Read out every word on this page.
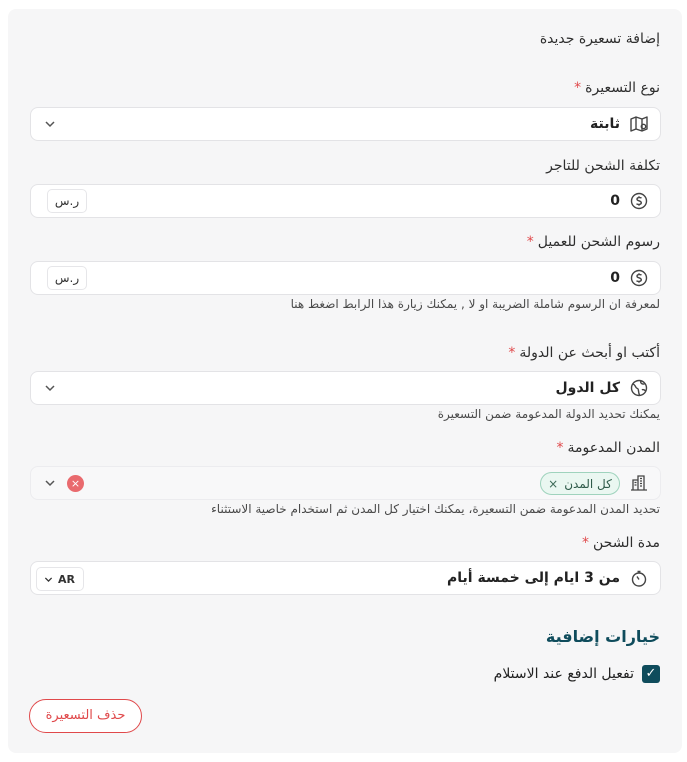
إضافة تسعيرة جديدة
نوع التسعيرة*
ثابتة
تكلفة الشحن للتاجر
0
ر.س
رسوم الشحن للعميل*
0
ر.س
لمعرفة ان الرسوم شاملة الضريبة او لا , يمكنك زيارة هذا الرابط اضغط هنا
أكتب او أبحث عن الدولة*
كل الدول
يمكنك تحديد الدولة المدعومة ضمن التسعيرة
المدن المدعومة*
كل المدن
×
×
تحديد المدن المدعومة ضمن التسعيرة، يمكنك اختيار كل المدن ثم استخدام خاصية الاستثناء
مدة الشحن*
من 3 ايام إلى خمسة أيام
AR
خيارات إضافية
✓
تفعيل الدفع عند الاستلام
حذف التسعيرة
